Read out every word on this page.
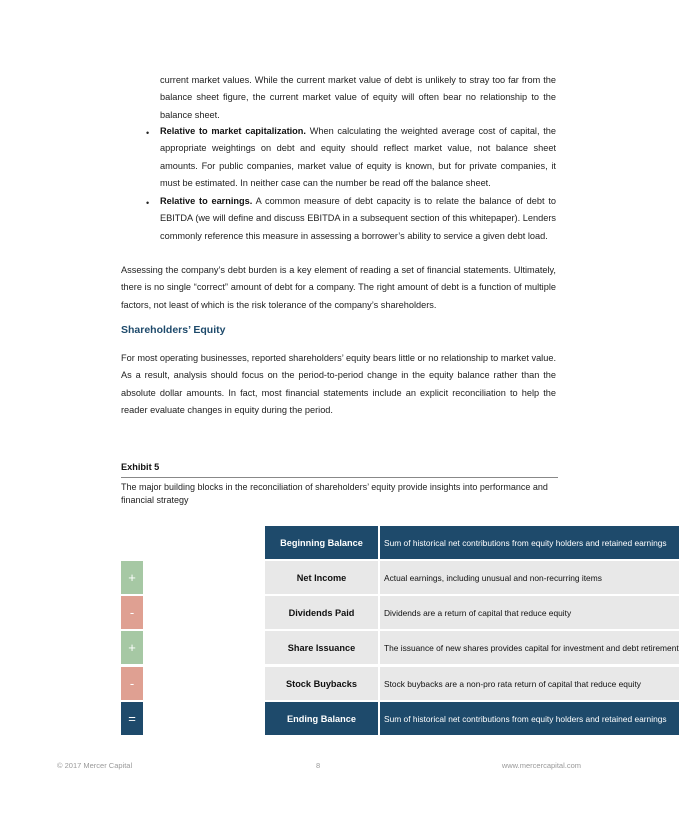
current market values. While the current market value of debt is unlikely to stray too far from the balance sheet figure, the current market value of equity will often bear no relationship to the balance sheet.

• Relative to market capitalization. When calculating the weighted average cost of capital, the appropriate weightings on debt and equity should reflect market value, not balance sheet amounts. For public companies, market value of equity is known, but for private companies, it must be estimated. In neither case can the number be read off the balance sheet.

• Relative to earnings. A common measure of debt capacity is to relate the balance of debt to EBITDA (we will define and discuss EBITDA in a subsequent section of this whitepaper). Lenders commonly reference this measure in assessing a borrower’s ability to service a given debt load.

Assessing the company’s debt burden is a key element of reading a set of financial statements. Ultimately, there is no single “correct” amount of debt for a company. The right amount of debt is a function of multiple factors, not least of which is the risk tolerance of the company’s shareholders.

Shareholders’ Equity

For most operating businesses, reported shareholders’ equity bears little or no relationship to market value. As a result, analysis should focus on the period-to-period change in the equity balance rather than the absolute dollar amounts. In fact, most financial statements include an explicit reconciliation to help the reader evaluate changes in equity during the period.

Exhibit 5
The major building blocks in the reconciliation of shareholders’ equity provide insights into performance and financial strategy
Beginning Balance	Sum of historical net contributions from equity holders and retained earnings
+	Net Income	Actual earnings, including unusual and non-recurring items
-	Dividends Paid	Dividends are a return of capital that reduce equity
+	Share Issuance	The issuance of new shares provides capital for investment and debt retirement
-	Stock Buybacks	Stock buybacks are a non-pro rata return of capital that reduce equity
=	Ending Balance	Sum of historical net contributions from equity holders and retained earnings
© 2017 Mercer Capital	8	www.mercercapital.com
